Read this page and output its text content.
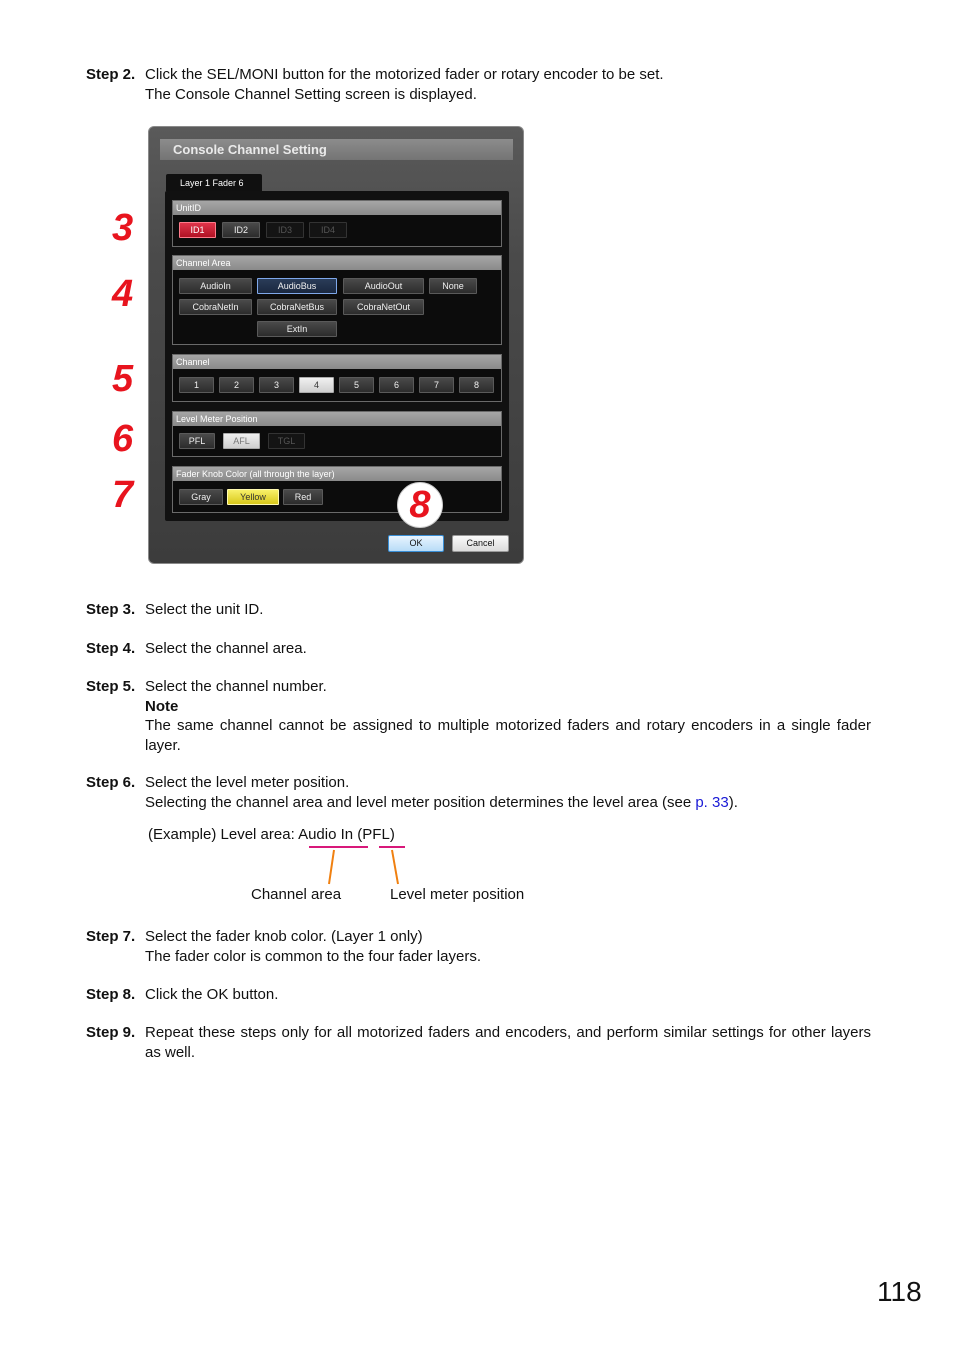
Step 2. Click the SEL/MONI button for the motorized fader or rotary encoder to be set.
The Console Channel Setting screen is displayed.
Console Channel Setting
Layer 1 Fader 6
UnitID
ID1	ID2	ID3	ID4
Channel Area
AudioIn	AudioBus	AudioOut	None
CobraNetIn	CobraNetBus	CobraNetOut
ExtIn
Channel
1	2	3	4	5	6	7	8
Level Meter Position
PFL	AFL	TGL
Fader Knob Color (all through the layer)
Gray	Yellow	Red
OK	Cancel
3
4
5
6
7	8
Step 3. Select the unit ID.
Step 4. Select the channel area.
Step 5. Select the channel number.
Note
The same channel cannot be assigned to multiple motorized faders and rotary encoders in a single fader layer.
Step 6. Select the level meter position.
Selecting the channel area and level meter position determines the level area (see p. 33).
(Example) Level area: Audio In (PFL)
Channel area	Level meter position
Step 7. Select the fader knob color. (Layer 1 only)
The fader color is common to the four fader layers.
Step 8. Click the OK button.
Step 9. Repeat these steps only for all motorized faders and encoders, and perform similar settings for other layers as well.
118
